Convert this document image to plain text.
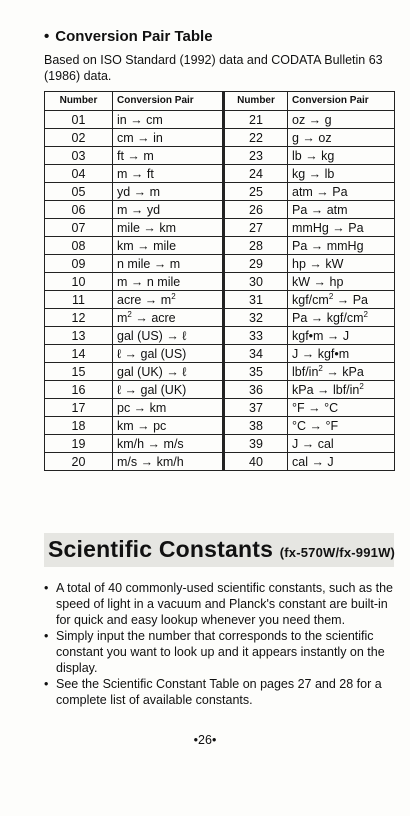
• Conversion Pair Table

Based on ISO Standard (1992) data and CODATA Bulletin 63 (1986) data.

Number	Conversion Pair	Number	Conversion Pair
01	in → cm	21	oz → g
02	cm → in	22	g → oz
03	ft → m	23	lb → kg
04	m → ft	24	kg → lb
05	yd → m	25	atm → Pa
06	m → yd	26	Pa → atm
07	mile → km	27	mmHg → Pa
08	km → mile	28	Pa → mmHg
09	n mile → m	29	hp → kW
10	m → n mile	30	kW → hp
11	acre → $m^2$	31	kgf/$cm^2 \to Pa$
12	$m^2$ → acre	32	Pa → kgf/$cm^2$
13	gal (US) → ℓ	33	kgf•m → J
14	ℓ → gal (US)	34	J → kgf•m
15	gal (UK) → ℓ	35	lbf/$in^2$ → kPa
16	ℓ → gal (UK)	36	kPa → lbf/$in^2$
17	pc → km	37	°F → °C
18	km → pc	38	°C → °F
19	km/h → m/s	39	J → cal
20	m/s → km/h	40	cal → J
Scientific Constants (fx-570W/fx-991W)
• A total of 40 commonly-used scientific constants, such as the speed of light in a vacuum and Planck's constant are built-in for quick and easy lookup whenever you need them.
• Simply input the number that corresponds to the scientific constant you want to look up and it appears instantly on the display.
• See the Scientific Constant Table on pages 27 and 28 for a complete list of available constants.
•26•
